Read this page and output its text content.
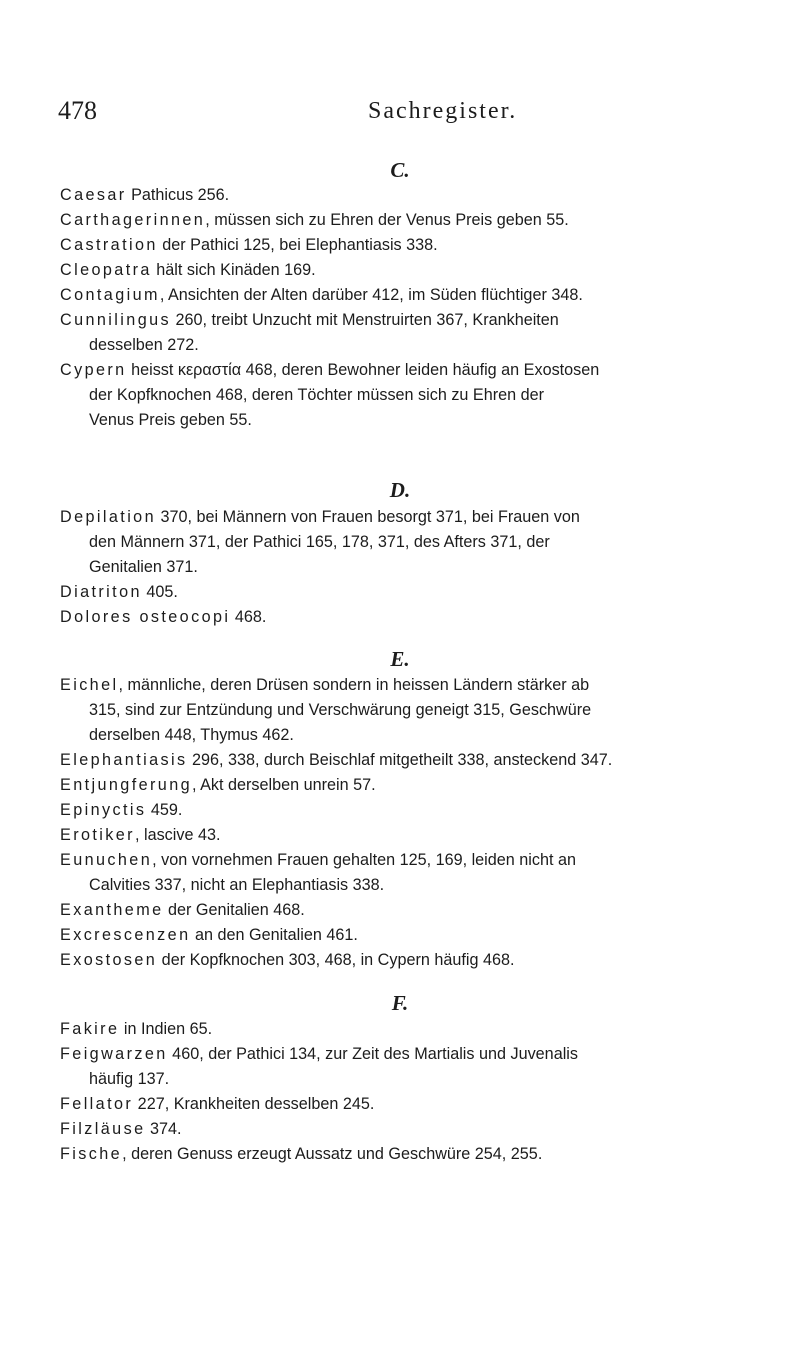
478	Sachregister.
C.
Caesar Pathicus 256.
Carthagerinnen, müssen sich zu Ehren der Venus Preis geben 55.
Castration der Pathici 125, bei Elephantiasis 338.
Cleopatra hält sich Kinäden 169.
Contagium, Ansichten der Alten darüber 412, im Süden flüchtiger 348.
Cunnilingus 260, treibt Unzucht mit Menstruirten 367, Krankheiten
desselben 272.
Cypern heisst κεραστία 468, deren Bewohner leiden häufig an Exostosen
der Kopfknochen 468, deren Töchter müssen sich zu Ehren der
Venus Preis geben 55.
D.
Depilation 370, bei Männern von Frauen besorgt 371, bei Frauen von
den Männern 371, der Pathici 165, 178, 371, des Afters 371, der
Genitalien 371.
Diatriton 405.
Dolores osteocopi 468.
E.
Eichel, männliche, deren Drüsen sondern in heissen Ländern stärker ab
315, sind zur Entzündung und Verschwärung geneigt 315, Geschwüre
derselben 448, Thymus 462.
Elephantiasis 296, 338, durch Beischlaf mitgetheilt 338, ansteckend 347.
Entjungferung, Akt derselben unrein 57.
Epinyctis 459.
Erotiker, lascive 43.
Eunuchen, von vornehmen Frauen gehalten 125, 169, leiden nicht an
Calvities 337, nicht an Elephantiasis 338.
Exantheme der Genitalien 468.
Excrescenzen an den Genitalien 461.
Exostosen der Kopfknochen 303, 468, in Cypern häufig 468.
F.
Fakire in Indien 65.
Feigwarzen 460, der Pathici 134, zur Zeit des Martialis und Juvenalis
häufig 137.
Fellator 227, Krankheiten desselben 245.
Filzläuse 374.
Fische, deren Genuss erzeugt Aussatz und Geschwüre 254, 255.
